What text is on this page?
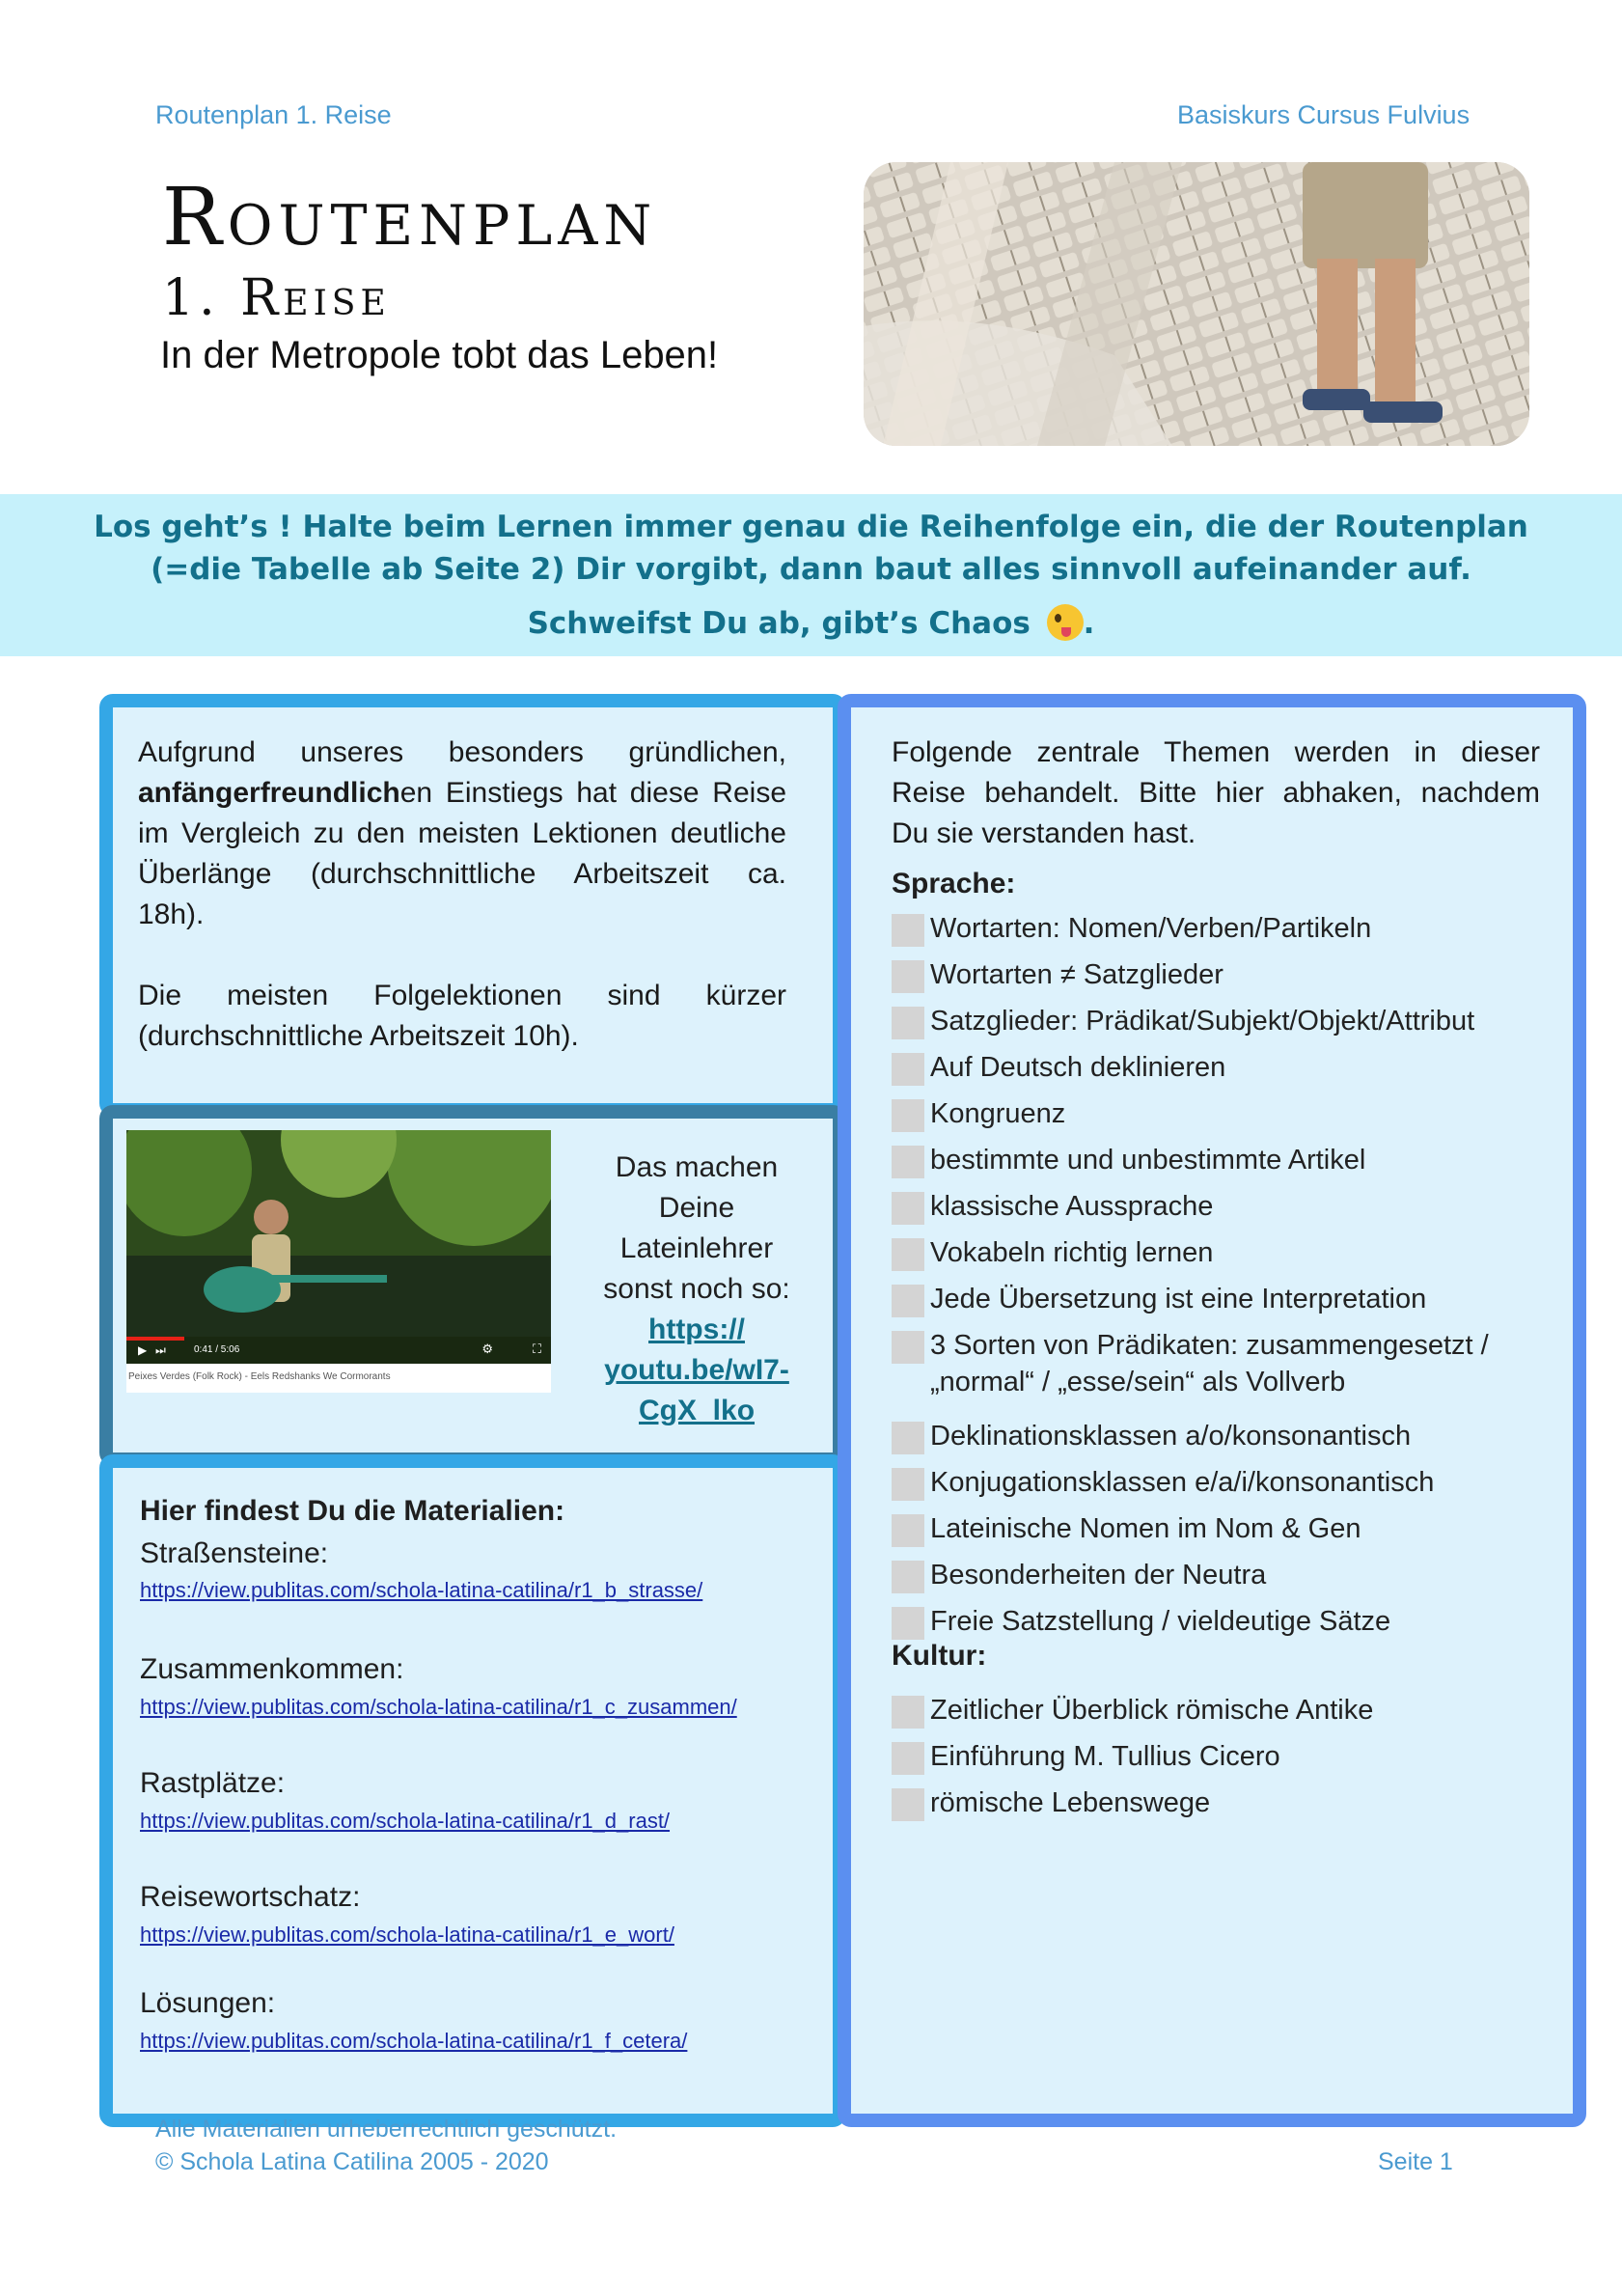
Routenplan 1. Reise	Basiskurs Cursus Fulvius
Routenplan
1. Reise
In der Metropole tobt das Leben!
Los geht’s ! Halte beim Lernen immer genau die Reihenfolge ein, die der Routenplan
(=die Tabelle ab Seite 2) Dir vorgibt, dann baut alles sinnvoll aufeinander auf.
Schweifst Du ab, gibt’s Chaos .
Aufgrund unseres besonders gründlichen,
anfängerfreundlichen Einstiegs hat diese Reise
im Vergleich zu den meisten Lektionen deutliche
Überlänge (durchschnittliche Arbeitszeit ca.
18h).
Die meisten Folgelektionen sind kürzer
(durchschnittliche Arbeitszeit 10h).
▶ ⏭	0:41 / 5:06	⚙	⛶
Peixes Verdes (Folk Rock) - Eels Redshanks We Cormorants
Das machen
Deine
Lateinlehrer
sonst noch so:
https://
youtu.be/wI7-
CgX_lko
Hier findest Du die Materialien:
Straßensteine:
https://view.publitas.com/schola-latina-catilina/r1_b_strasse/
Zusammenkommen:
https://view.publitas.com/schola-latina-catilina/r1_c_zusammen/
Rastplätze:
https://view.publitas.com/schola-latina-catilina/r1_d_rast/
Reisewortschatz:
https://view.publitas.com/schola-latina-catilina/r1_e_wort/
Lösungen:
https://view.publitas.com/schola-latina-catilina/r1_f_cetera/
Folgende zentrale Themen werden in dieser
Reise behandelt. Bitte hier abhaken, nachdem
Du sie verstanden hast.
Sprache:
Wortarten: Nomen/Verben/Partikeln
Wortarten ≠ Satzglieder
Satzglieder: Prädikat/Subjekt/Objekt/Attribut
Auf Deutsch deklinieren
Kongruenz
bestimmte und unbestimmte Artikel
klassische Aussprache
Vokabeln richtig lernen
Jede Übersetzung ist eine Interpretation
3 Sorten von Prädikaten: zusammengesetzt /
„normal“ / „esse/sein“ als Vollverb
Deklinationsklassen a/o/konsonantisch
Konjugationsklassen e/a/i/konsonantisch
Lateinische Nomen im Nom & Gen
Besonderheiten der Neutra
Freie Satzstellung / vieldeutige Sätze
Kultur:
Zeitlicher Überblick römische Antike
Einführung M. Tullius Cicero
römische Lebenswege
Alle Materialien urheberrechtlich geschützt.
© Schola Latina Catilina 2005 - 2020	Seite 1
